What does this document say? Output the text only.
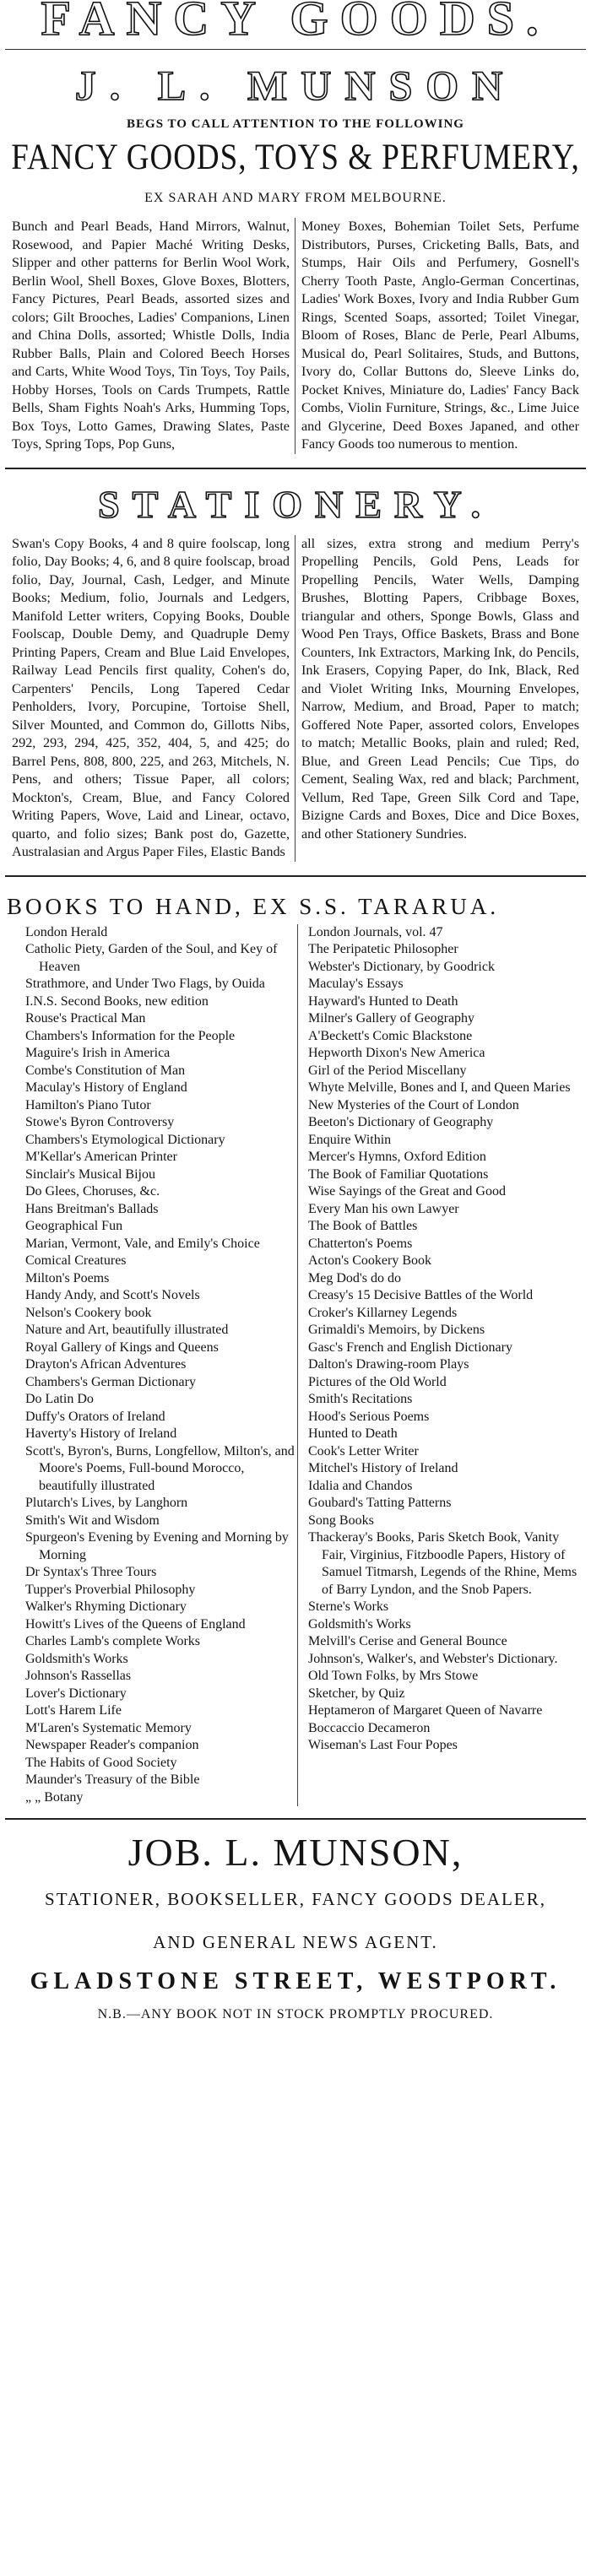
FANCY GOODS.
J. L. MUNSON
BEGS TO CALL ATTENTION TO THE FOLLOWING
FANCY GOODS, TOYS & PERFUMERY,
EX SARAH AND MARY FROM MELBOURNE.
Bunch and Pearl Beads, Hand Mirrors, Walnut, Rosewood, and Papier Maché Writing Desks, Slipper and other patterns for Berlin Wool Work, Berlin Wool, Shell Boxes, Glove Boxes, Blotters, Fancy Pictures, Pearl Beads, assorted sizes and colors; Gilt Brooches, Ladies' Companions, Linen and China Dolls, assorted; Whistle Dolls, India Rubber Balls, Plain and Colored Beech Horses and Carts, White Wood Toys, Tin Toys, Toy Pails, Hobby Horses, Tools on Cards Trumpets, Rattle Bells, Sham Fights Noah's Arks, Humming Tops, Box Toys, Lotto Games, Drawing Slates, Paste Toys, Spring Tops, Pop Guns,
Money Boxes, Bohemian Toilet Sets, Perfume Distributors, Purses, Cricketing Balls, Bats, and Stumps, Hair Oils and Perfumery, Gosnell's Cherry Tooth Paste, Anglo-German Concertinas, Ladies' Work Boxes, Ivory and India Rubber Gum Rings, Scented Soaps, assorted; Toilet Vinegar, Bloom of Roses, Blanc de Perle, Pearl Albums, Musical do, Pearl Solitaires, Studs, and Buttons, Ivory do, Collar Buttons do, Sleeve Links do, Pocket Knives, Miniature do, Ladies' Fancy Back Combs, Violin Furniture, Strings, &c., Lime Juice and Glycerine, Deed Boxes Japaned, and other Fancy Goods too numerous to mention.
STATIONERY.
Swan's Copy Books, 4 and 8 quire foolscap, long folio, Day Books; 4, 6, and 8 quire foolscap, broad folio, Day, Journal, Cash, Ledger, and Minute Books; Medium, folio, Journals and Ledgers, Manifold Letter writers, Copying Books, Double Foolscap, Double Demy, and Quadruple Demy Printing Papers, Cream and Blue Laid Envelopes, Railway Lead Pencils first quality, Cohen's do, Carpenters' Pencils, Long Tapered Cedar Penholders, Ivory, Porcupine, Tortoise Shell, Silver Mounted, and Common do, Gillotts Nibs, 292, 293, 294, 425, 352, 404, 5, and 425; do Barrel Pens, 808, 800, 225, and 263, Mitchels, N. Pens, and others; Tissue Paper, all colors; Mockton's, Cream, Blue, and Fancy Colored Writing Papers, Wove, Laid and Linear, octavo, quarto, and folio sizes; Bank post do, Gazette, Australasian and Argus Paper Files, Elastic Bands
all sizes, extra strong and medium Perry's Propelling Pencils, Gold Pens, Leads for Propelling Pencils, Water Wells, Damping Brushes, Blotting Papers, Cribbage Boxes, triangular and others, Sponge Bowls, Glass and Wood Pen Trays, Office Baskets, Brass and Bone Counters, Ink Extractors, Marking Ink, do Pencils, Ink Erasers, Copying Paper, do Ink, Black, Red and Violet Writing Inks, Mourning Envelopes, Narrow, Medium, and Broad, Paper to match; Goffered Note Paper, assorted colors, Envelopes to match; Metallic Books, plain and ruled; Red, Blue, and Green Lead Pencils; Cue Tips, do Cement, Sealing Wax, red and black; Parchment, Vellum, Red Tape, Green Silk Cord and Tape, Bizigne Cards and Boxes, Dice and Dice Boxes, and other Stationery Sundries.
BOOKS TO HAND, EX S.S. TARARUA.
London Herald
Catholic Piety, Garden of the Soul, and Key of Heaven
Strathmore, and Under Two Flags, by Ouida
I.N.S. Second Books, new edition
Rouse's Practical Man
Chambers's Information for the People
Maguire's Irish in America
Combe's Constitution of Man
Maculay's History of England
Hamilton's Piano Tutor
Stowe's Byron Controversy
Chambers's Etymological Dictionary
M'Kellar's American Printer
Sinclair's Musical Bijou
Do Glees, Choruses, &c.
Hans Breitman's Ballads
Geographical Fun
Marian, Vermont, Vale, and Emily's Choice
Comical Creatures
Milton's Poems
Handy Andy, and Scott's Novels
Nelson's Cookery book
Nature and Art, beautifully illustrated
Royal Gallery of Kings and Queens
Drayton's African Adventures
Chambers's German Dictionary
Do Latin Do
Duffy's Orators of Ireland
Haverty's History of Ireland
Scott's, Byron's, Burns, Longfellow, Milton's, and Moore's Poems, Full-bound Morocco, beautifully illustrated
Plutarch's Lives, by Langhorn
Smith's Wit and Wisdom
Spurgeon's Evening by Evening and Morning by Morning
Dr Syntax's Three Tours
Tupper's Proverbial Philosophy
Walker's Rhyming Dictionary
Howitt's Lives of the Queens of England
Charles Lamb's complete Works
Goldsmith's Works
Johnson's Rassellas
Lover's Dictionary
Lott's Harem Life
M'Laren's Systematic Memory
Newspaper Reader's companion
The Habits of Good Society
Maunder's Treasury of the Bible
„ „ Botany
London Journals, vol. 47
The Peripatetic Philosopher
Webster's Dictionary, by Goodrick
Maculay's Essays
Hayward's Hunted to Death
Milner's Gallery of Geography
A'Beckett's Comic Blackstone
Hepworth Dixon's New America
Girl of the Period Miscellany
Whyte Melville, Bones and I, and Queen Maries
New Mysteries of the Court of London
Beeton's Dictionary of Geography
Enquire Within
Mercer's Hymns, Oxford Edition
The Book of Familiar Quotations
Wise Sayings of the Great and Good
Every Man his own Lawyer
The Book of Battles
Chatterton's Poems
Acton's Cookery Book
Meg Dod's do do
Creasy's 15 Decisive Battles of the World
Croker's Killarney Legends
Grimaldi's Memoirs, by Dickens
Gasc's French and English Dictionary
Dalton's Drawing-room Plays
Pictures of the Old World
Smith's Recitations
Hood's Serious Poems
Hunted to Death
Cook's Letter Writer
Mitchel's History of Ireland
Idalia and Chandos
Goubard's Tatting Patterns
Song Books
Thackeray's Books, Paris Sketch Book, Vanity Fair, Virginius, Fitzboodle Papers, History of Samuel Titmarsh, Legends of the Rhine, Mems of Barry Lyndon, and the Snob Papers.
Sterne's Works
Goldsmith's Works
Melvill's Cerise and General Bounce
Johnson's, Walker's, and Webster's Dictionary.
Old Town Folks, by Mrs Stowe
Sketcher, by Quiz
Heptameron of Margaret Queen of Navarre
Boccaccio Decameron
Wiseman's Last Four Popes
JOB. L. MUNSON,
STATIONER, BOOKSELLER, FANCY GOODS DEALER,
AND GENERAL NEWS AGENT.
GLADSTONE STREET, WESTPORT.
N.B.—ANY BOOK NOT IN STOCK PROMPTLY PROCURED.
